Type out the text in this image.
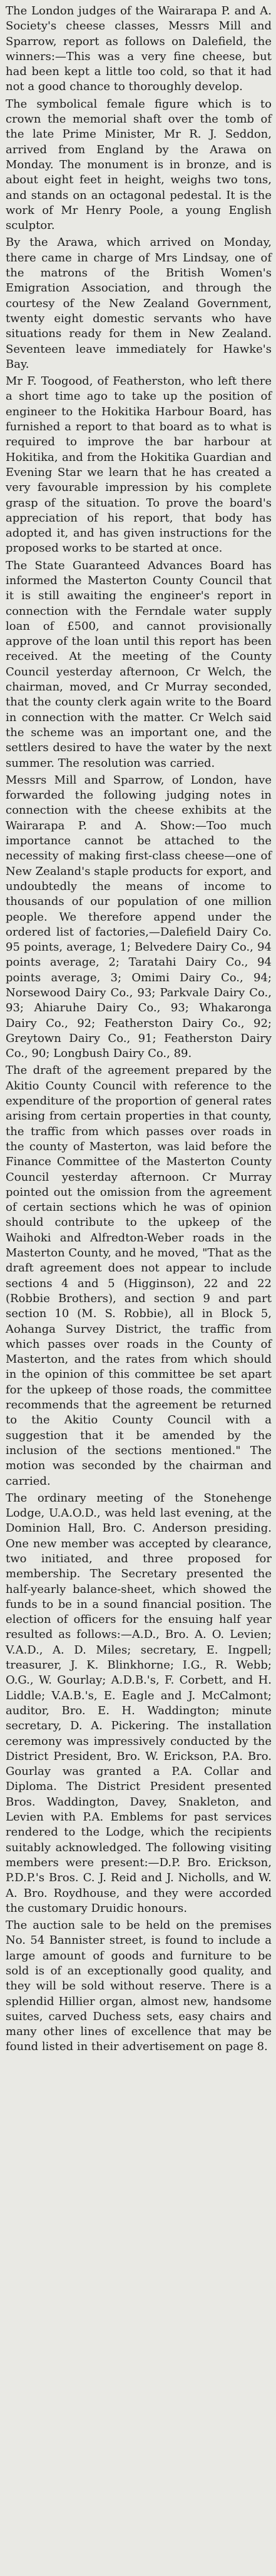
The London judges of the Wairarapa P. and A. Society's cheese classes, Messrs Mill and Sparrow, report as follows on Dalefield, the winners:—This was a very fine cheese, but had been kept a little too cold, so that it had not a good chance to thoroughly develop.

The symbolical female figure which is to crown the memorial shaft over the tomb of the late Prime Minister, Mr R. J. Seddon, arrived from England by the Arawa on Monday. The monument is in bronze, and is about eight feet in height, weighs two tons, and stands on an octagonal pedestal. It is the work of Mr Henry Poole, a young English sculptor.

By the Arawa, which arrived on Monday, there came in charge of Mrs Lindsay, one of the matrons of the British Women's Emigration Association, and through the courtesy of the New Zealand Government, twenty eight domestic servants who have situations ready for them in New Zealand. Seventeen leave immediately for Hawke's Bay.

Mr F. Toogood, of Featherston, who left there a short time ago to take up the position of engineer to the Hokitika Harbour Board, has furnished a report to that board as to what is required to improve the bar harbour at Hokitika, and from the Hokitika Guardian and Evening Star we learn that he has created a very favourable impression by his complete grasp of the situation. To prove the board's appreciation of his report, that body has adopted it, and has given instructions for the proposed works to be started at once.

The State Guaranteed Advances Board has informed the Masterton County Council that it is still awaiting the engineer's report in connection with the Ferndale water supply loan of £500, and cannot provisionally approve of the loan until this report has been received. At the meeting of the County Council yesterday afternoon, Cr Welch, the chairman, moved, and Cr Murray seconded, that the county clerk again write to the Board in connection with the matter. Cr Welch said the scheme was an important one, and the settlers desired to have the water by the next summer. The resolution was carried.

Messrs Mill and Sparrow, of London, have forwarded the following judging notes in connection with the cheese exhibits at the Wairarapa P. and A. Show:—Too much importance cannot be attached to the necessity of making first-class cheese—one of New Zealand's staple products for export, and undoubtedly the means of income to thousands of our population of one million people. We therefore append under the ordered list of factories,—Dalefield Dairy Co. 95 points, average, 1; Belvedere Dairy Co., 94 points average, 2; Taratahi Dairy Co., 94 points average, 3; Omimi Dairy Co., 94; Norsewood Dairy Co., 93; Parkvale Dairy Co., 93; Ahiaruhe Dairy Co., 93; Whakaronga Dairy Co., 92; Featherston Dairy Co., 92; Greytown Dairy Co., 91; Featherston Dairy Co., 90; Longbush Dairy Co., 89.

The draft of the agreement prepared by the Akitio County Council with reference to the expenditure of the proportion of general rates arising from certain properties in that county, the traffic from which passes over roads in the county of Masterton, was laid before the Finance Committee of the Masterton County Council yesterday afternoon. Cr Murray pointed out the omission from the agreement of certain sections which he was of opinion should contribute to the upkeep of the Waihoki and Alfredton-Weber roads in the Masterton County, and he moved, "That as the draft agreement does not appear to include sections 4 and 5 (Higginson), 22 and 22 (Robbie Brothers), and section 9 and part section 10 (M. S. Robbie), all in Block 5, Aohanga Survey District, the traffic from which passes over roads in the County of Masterton, and the rates from which should in the opinion of this committee be set apart for the upkeep of those roads, the committee recommends that the agreement be returned to the Akitio County Council with a suggestion that it be amended by the inclusion of the sections mentioned." The motion was seconded by the chairman and carried.

The ordinary meeting of the Stonehenge Lodge, U.A.O.D., was held last evening, at the Dominion Hall, Bro. C. Anderson presiding. One new member was accepted by clearance, two initiated, and three proposed for membership. The Secretary presented the half-yearly balance-sheet, which showed the funds to be in a sound financial position. The election of officers for the ensuing half year resulted as follows:—A.D., Bro. A. O. Levien; V.A.D., A. D. Miles; secretary, E. Ingpell; treasurer, J. K. Blinkhorne; I.G., R. Webb; O.G., W. Gourlay; A.D.B.'s, F. Corbett, and H. Liddle; V.A.B.'s, E. Eagle and J. McCalmont; auditor, Bro. E. H. Waddington; minute secretary, D. A. Pickering. The installation ceremony was impressively conducted by the District President, Bro. W. Erickson, P.A. Bro. Gourlay was granted a P.A. Collar and Diploma. The District President presented Bros. Waddington, Davey, Snakleton, and Levien with P.A. Emblems for past services rendered to the Lodge, which the recipients suitably acknowledged. The following visiting members were present:—D.P. Bro. Erickson, P.D.P.'s Bros. C. J. Reid and J. Nicholls, and W. A. Bro. Roydhouse, and they were accorded the customary Druidic honours.

The auction sale to be held on the premises No. 54 Bannister street, is found to include a large amount of goods and furniture to be sold is of an exceptionally good quality, and they will be sold without reserve. There is a splendid Hillier organ, almost new, handsome suites, carved Duchess sets, easy chairs and many other lines of excellence that may be found listed in their advertisement on page 8.
